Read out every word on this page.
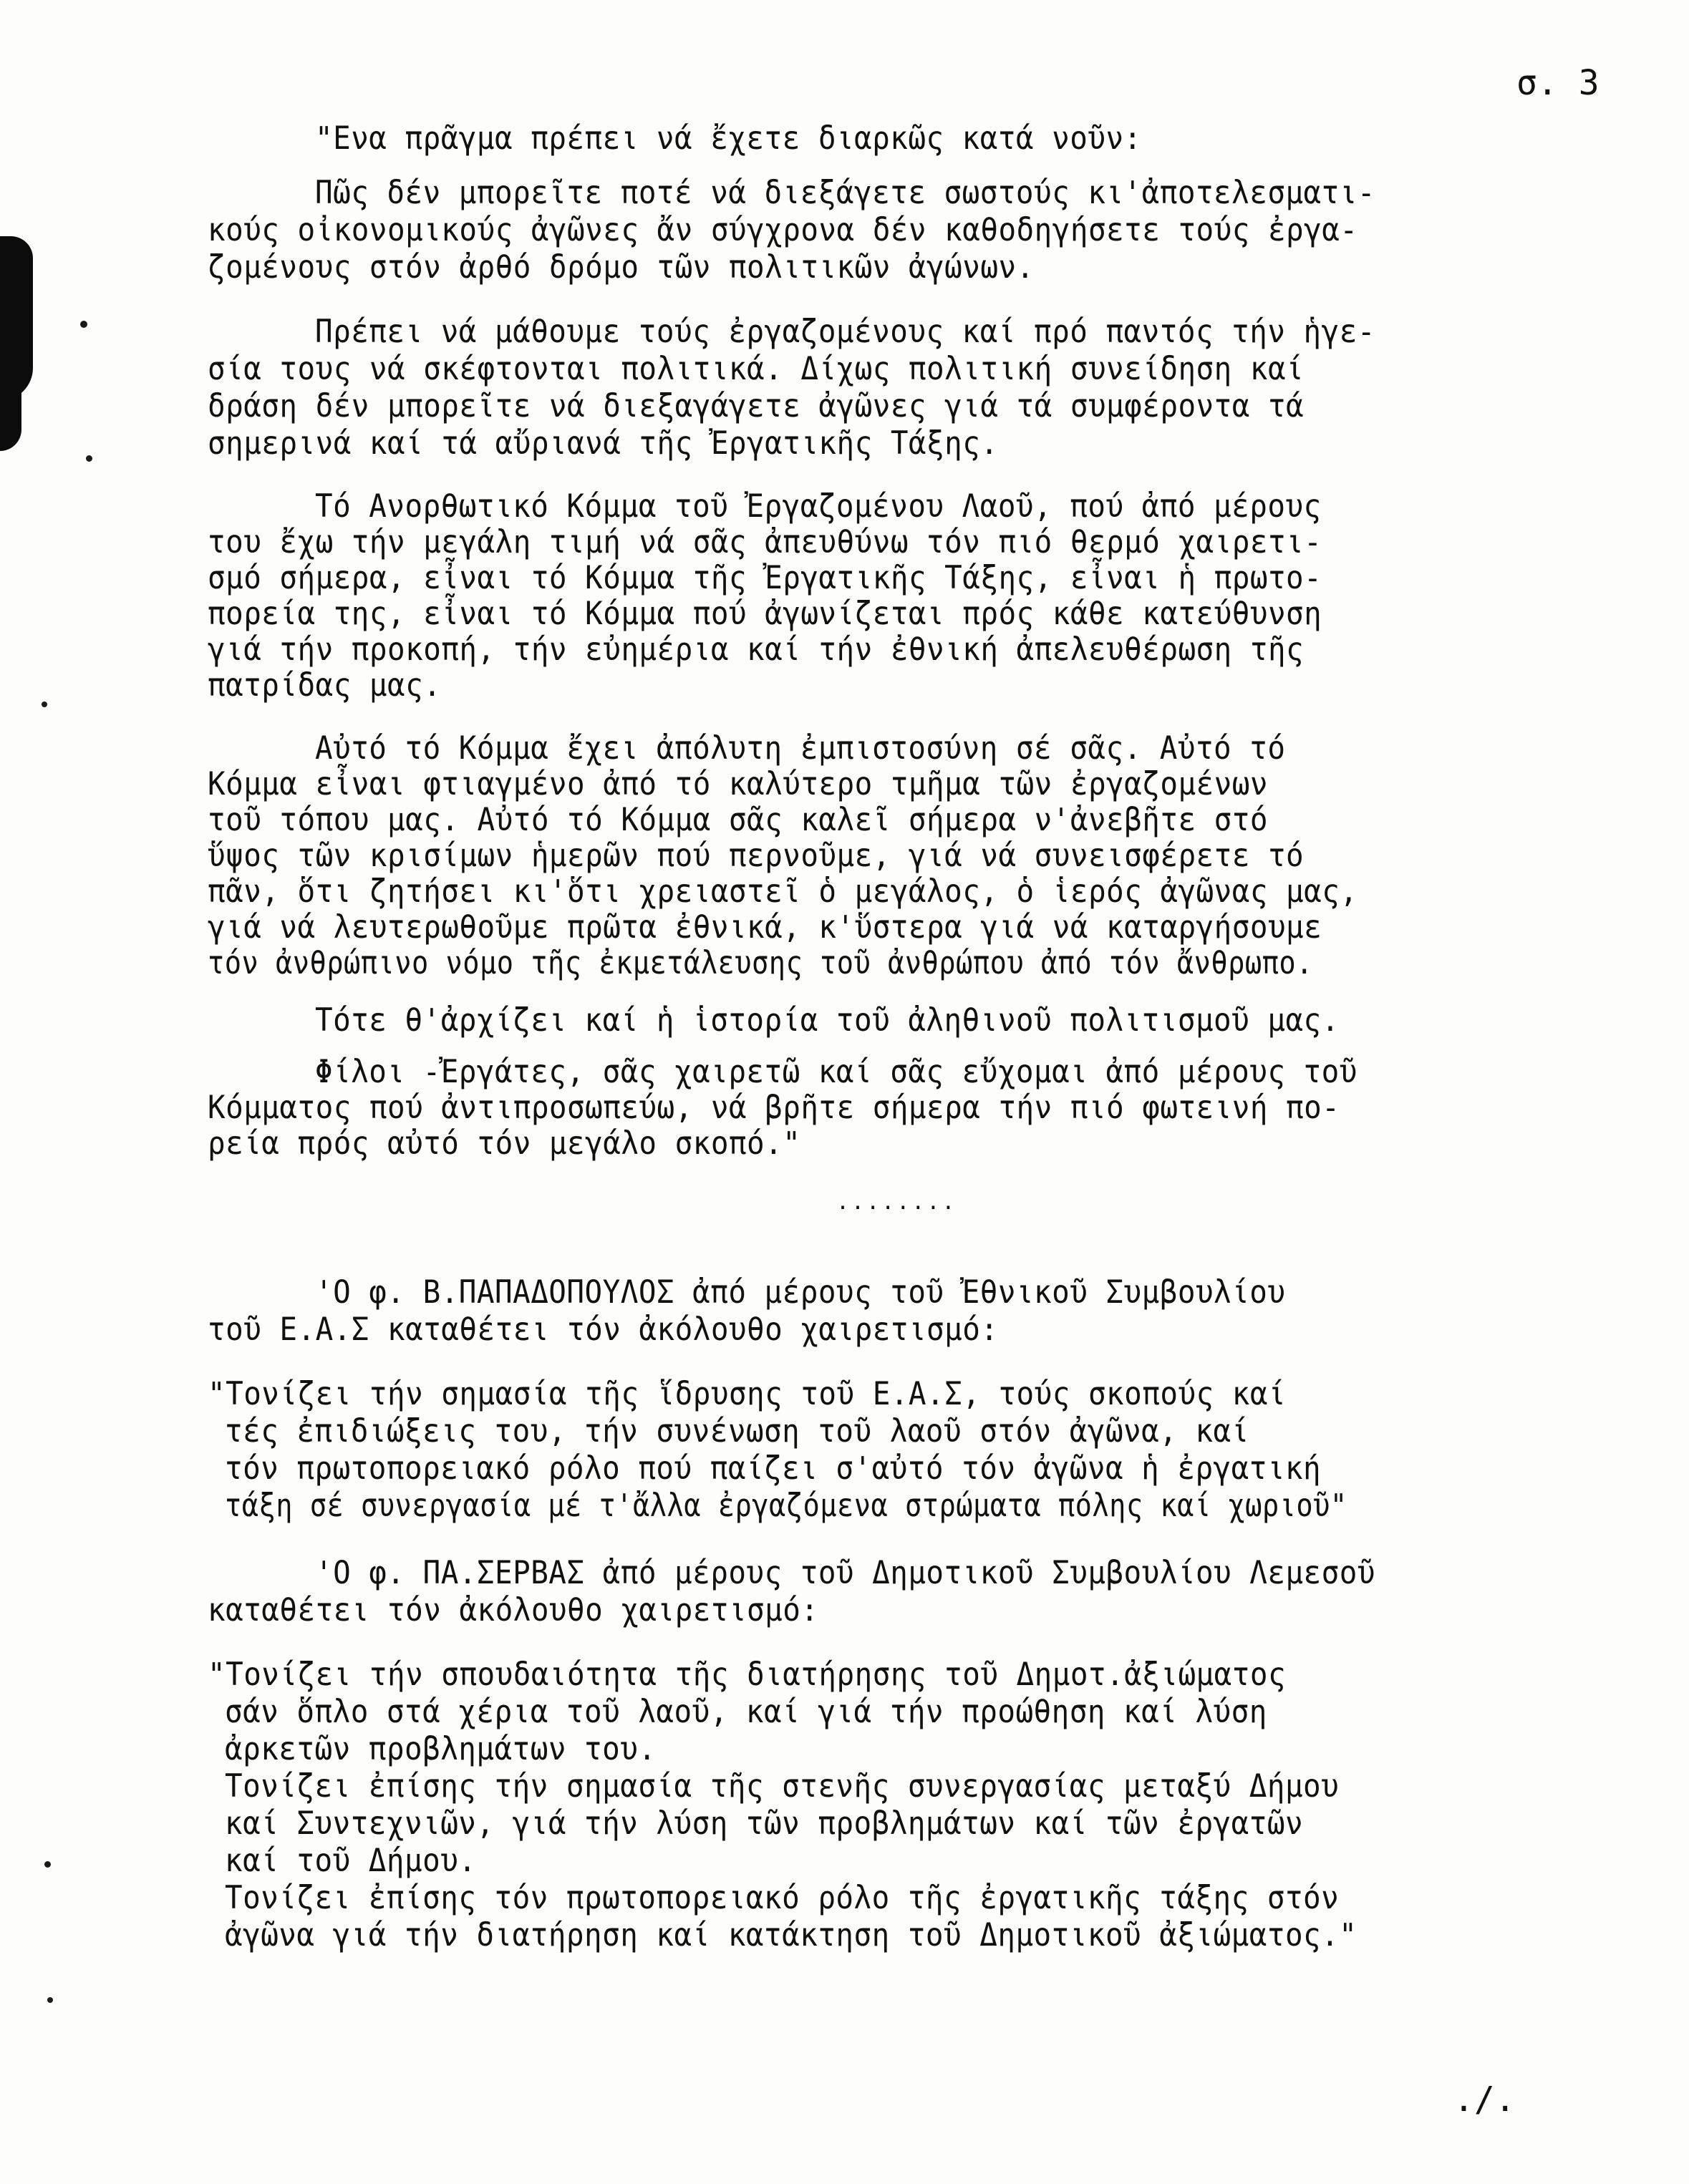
σ. 3
"Ενα πρᾶγμα πρέπει νά ἔχετε διαρκῶς κατά νοῦν:
Πῶς δέν μπορεῖτε ποτέ νά διεξάγετε σωστούς κι'ἀποτελεσματι-
κούς οἰκονομικούς ἀγῶνες ἄν σύγχρονα δέν καθοδηγήσετε τούς ἐργα-
ζομένους στόν ἀρθό δρόμο τῶν πολιτικῶν ἀγώνων.
Πρέπει νά μάθουμε τούς ἐργαζομένους καί πρό παντός τήν ἡγε-
σία τους νά σκέφτονται πολιτικά. Δίχως πολιτική συνείδηση καί
δράση δέν μπορεῖτε νά διεξαγάγετε ἀγῶνες γιά τά συμφέροντα τά
σημερινά καί τά αὔριανά τῆς Ἐργατικῆς Τάξης.
Τό Ανορθωτικό Κόμμα τοῦ Ἐργαζομένου Λαοῦ, πού ἀπό μέρους
του ἔχω τήν μεγάλη τιμή νά σᾶς ἀπευθύνω τόν πιό θερμό χαιρετι-
σμό σήμερα, εἶναι τό Κόμμα τῆς Ἐργατικῆς Τάξης, εἶναι ἡ πρωτο-
πορεία της, εἶναι τό Κόμμα πού ἀγωνίζεται πρός κάθε κατεύθυνση
γιά τήν προκοπή, τήν εὐημέρια καί τήν ἐθνική ἀπελευθέρωση τῆς
πατρίδας μας.
Αὐτό τό Κόμμα ἔχει ἀπόλυτη ἐμπιστοσύνη σέ σᾶς. Αὐτό τό
Κόμμα εἶναι φτιαγμένο ἀπό τό καλύτερο τμῆμα τῶν ἐργαζομένων
τοῦ τόπου μας. Αὐτό τό Κόμμα σᾶς καλεῖ σήμερα ν'ἀνεβῆτε στό
ὕψος τῶν κρισίμων ἡμερῶν πού περνοῦμε, γιά νά συνεισφέρετε τό
πᾶν, ὅτι ζητήσει κι'ὅτι χρειαστεῖ ὁ μεγάλος, ὁ ἱερός ἀγῶνας μας,
γιά νά λευτερωθοῦμε πρῶτα ἐθνικά, κ'ὕστερα γιά νά καταργήσουμε
τόν ἀνθρώπινο νόμο τῆς ἐκμετάλευσης τοῦ ἀνθρώπου ἀπό τόν ἄνθρωπο.
Τότε θ'ἀρχίζει καί ἡ ἱστορία τοῦ ἀληθινοῦ πολιτισμοῦ μας.
Φίλοι -Ἐργάτες, σᾶς χαιρετῶ καί σᾶς εὔχομαι ἀπό μέρους τοῦ
Κόμματος πού ἀντιπροσωπεύω, νά βρῆτε σήμερα τήν πιό φωτεινή πο-
ρεία πρός αὐτό τόν μεγάλο σκοπό."
........
'Ο φ. Β.ΠΑΠΑΔΟΠΟΥΛΟΣ ἀπό μέρους τοῦ Ἐθνικοῦ Συμβουλίου
τοῦ Ε.Α.Σ καταθέτει τόν ἀκόλουθο χαιρετισμό:
"Τονίζει τήν σημασία τῆς ἵδρυσης τοῦ Ε.Α.Σ, τούς σκοπούς καί
τές ἐπιδιώξεις του, τήν συνένωση τοῦ λαοῦ στόν ἀγῶνα, καί
τόν πρωτοπορειακό ρόλο πού παίζει σ'αὐτό τόν ἀγῶνα ἡ ἐργατική
τάξη σέ συνεργασία μέ τ'ἄλλα ἐργαζόμενα στρώματα πόλης καί χωριοῦ"
'Ο φ. ΠΑ.ΣΕΡΒΑΣ ἀπό μέρους τοῦ Δημοτικοῦ Συμβουλίου Λεμεσοῦ
καταθέτει τόν ἀκόλουθο χαιρετισμό:
"Τονίζει τήν σπουδαιότητα τῆς διατήρησης τοῦ Δημοτ.ἀξιώματος
σάν ὅπλο στά χέρια τοῦ λαοῦ, καί γιά τήν προώθηση καί λύση
ἀρκετῶν προβλημάτων του.
Τονίζει ἐπίσης τήν σημασία τῆς στενῆς συνεργασίας μεταξύ Δήμου
καί Συντεχνιῶν, γιά τήν λύση τῶν προβλημάτων καί τῶν ἐργατῶν
καί τοῦ Δήμου.
Τονίζει ἐπίσης τόν πρωτοπορειακό ρόλο τῆς ἐργατικῆς τάξης στόν
ἀγῶνα γιά τήν διατήρηση καί κατάκτηση τοῦ Δημοτικοῦ ἀξιώματος."
./.
